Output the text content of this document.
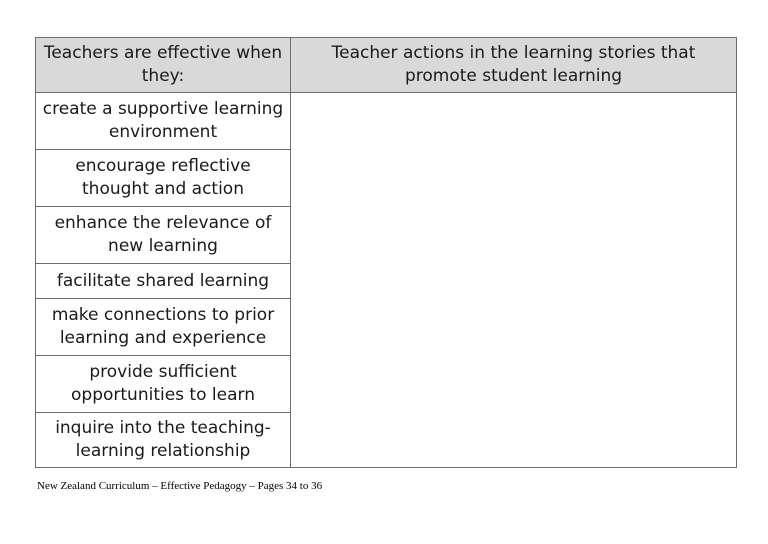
Teachers are effective when they:	Teacher actions in the learning stories that promote student learning

create a supportive learning environment	

encourage reflective thought and action	

enhance the relevance of new learning	

facilitate shared learning	

make connections to prior learning and experience	

provide sufficient opportunities to learn	

inquire into the teaching-learning relationship	
New Zealand Curriculum – Effective Pedagogy – Pages 34 to 36
